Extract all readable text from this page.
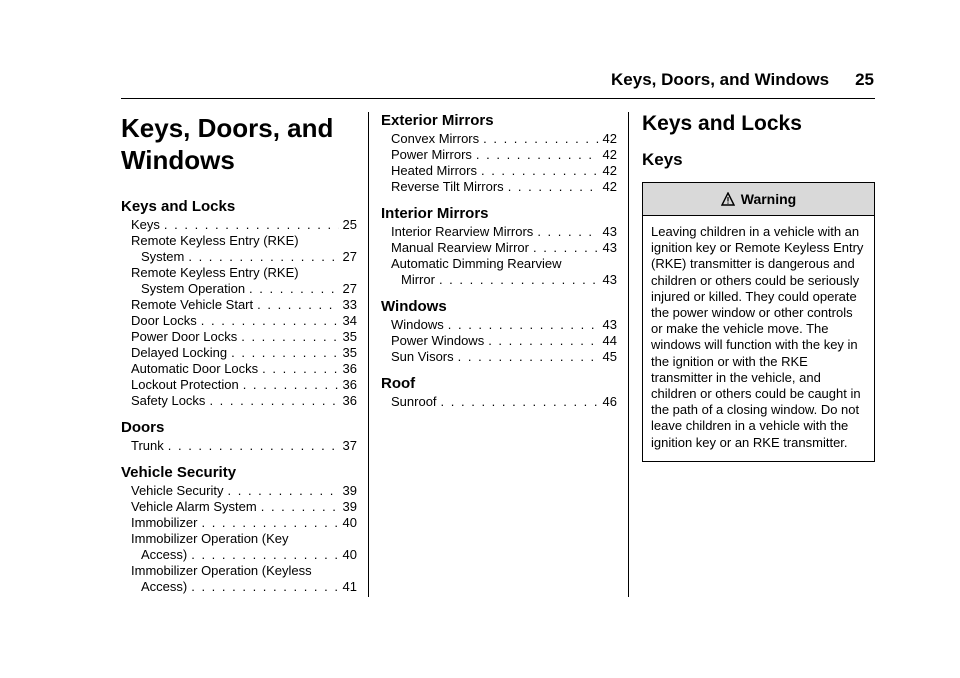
Keys, Doors, and Windows 25
Keys, Doors, and
Windows
Keys and Locks
Keys . . .	25
Remote Keyless Entry (RKE)
System . . .	27
Remote Keyless Entry (RKE)
System Operation . . .	27
Remote Vehicle Start . . .	33
Door Locks . . .	34
Power Door Locks . . .	35
Delayed Locking . . .	35
Automatic Door Locks . . .	36
Lockout Protection . . .	36
Safety Locks . . .	36
Doors
Trunk . . .	37
Vehicle Security
Vehicle Security . . .	39
Vehicle Alarm System . . .	39
Immobilizer . . .	40
Immobilizer Operation (Key
Access) . . .	40
Immobilizer Operation (Keyless
Access) . . .	41
Exterior Mirrors
Convex Mirrors . . .	42
Power Mirrors . . .	42
Heated Mirrors . . .	42
Reverse Tilt Mirrors . . .	42
Interior Mirrors
Interior Rearview Mirrors . . .	43
Manual Rearview Mirror . . .	43
Automatic Dimming Rearview
Mirror . . .	43
Windows
Windows . . .	43
Power Windows . . .	44
Sun Visors . . .	45
Roof
Sunroof . . .	46
Keys and Locks
Keys
Warning
Leaving children in a vehicle with an ignition key or Remote Keyless Entry (RKE) transmitter is dangerous and children or others could be seriously injured or killed. They could operate the power window or other controls or make the vehicle move. The windows will function with the key in the ignition or with the RKE transmitter in the vehicle, and children or others could be caught in the path of a closing window. Do not leave children in a vehicle with the ignition key or an RKE transmitter.
